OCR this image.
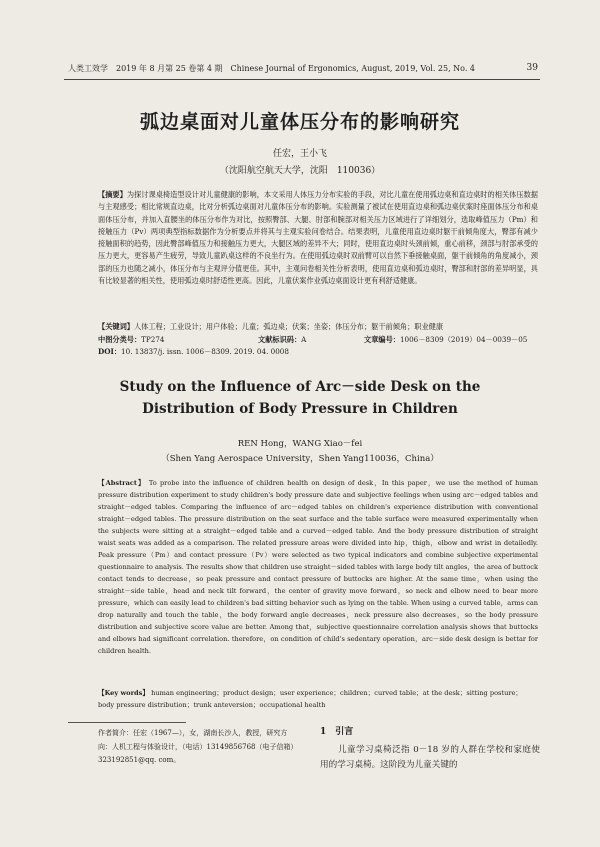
人类工效学　2019 年 8 月第 25 卷第 4 期　Chinese Journal of Ergonomics, August, 2019, Vol. 25, No. 4	39
弧边桌面对儿童体压分布的影响研究
任宏，王小飞
（沈阳航空航天大学，沈阳　110036）

【摘要】为探讨课桌椅造型设计对儿童健康的影响，本文采用人体压力分布实验的手段，对比儿童在使用弧边桌和直边桌时的相关体压数据与主观感受；相比常规直边桌，比对分析弧边桌面对儿童体压分布的影响。实验测量了被试在使用直边桌和弧边桌伏案时座面体压分布和桌面体压分布，并加入直腰坐的体压分布作为对比，按照臀部、大腿、肘部和腕部对相关压力区域进行了详细划分，选取峰值压力（Pm）和接触压力（Pv）两项典型指标数据作为分析要点并将其与主观实验问卷结合。结果表明，儿童使用直边桌时躯干前倾角度大，臀部有减少接触面积的趋势，因此臀部峰值压力和接触压力更大，大腿区域的差异不大；同时，使用直边桌时头颈前倾，重心前移，颈部与肘部承受的压力更大，更容易产生疲劳，导致儿童趴桌这样的不良坐行为。在使用弧边桌时双前臂可以自然下垂接触桌面，躯干前倾角的角度减小，颈部的压力也随之减小，体压分布与主观评分值更佳。其中，主观问卷相关性分析表明，使用直边桌和弧边桌时，臀部和肘部的差异明显，具有比较显著的相关性，使用弧边桌时舒适性更高。因此，儿童伏案作业弧边桌面设计更有利舒适健康。

【关键词】人体工程；工业设计；用户体验；儿童；弧边桌；伏案；坐姿；体压分布；躯干前倾角；职业健康

中图分类号：TP274	文献标识码：A	文章编号：1006－8309（2019）04－0039－05
DOI：10. 13837/j. issn. 1006－8309. 2019. 04. 0008
Study on the Influence of Arc－side Desk on the
Distribution of Body Pressure in Children
REN Hong，WANG Xiao－fei
（Shen Yang Aerospace University，Shen Yang110036，China）

【Abstract】 To probe into the influence of children health on design of desk，In this paper，we use the method of human pressure distribution experiment to study children's body pressure date and subjective feelings when using arc－edged tables and straight－edged tables. Comparing the influence of arc－edged tables on children's experience distribution with conventional straight－edged tables. The pressure distribution on the seat surface and the table surface were measured experimentally when the subjects were sitting at a straight－edged table and a curved－edged table. And the body pressure distribution of straight waist seats was added as a comparison. The related pressure areas were divided into hip，thigh，elbow and wrist in detailedly. Peak pressure（Pm）and contact pressure（Pv）were selected as two typical indicators and combine subjective experimental questionnaire to analysis. The results show that children use straight－sided tables with large body tilt angles，the area of buttock contact tends to decrease，so peak pressure and contact pressure of buttocks are higher. At the same time，when using the straight－side table，head and neck tilt forward，the center of gravity move forward，so neck and elbow need to bear more pressure，which can easily lead to children's bad sitting behavior such as lying on the table. When using a curved table，arms can drop naturally and touch the table，the body forward angle decreases，neck pressure also decreases，so the body pressure distribution and subjective score value are better. Among that，subjective questionnaire correlation analysis shows that buttocks and elbows had significant correlation. therefore，on condition of child's sedentary operation，arc－side desk design is bettar for children health.

【Key words】 human engineering；product design；user experience；children；curved table；at the desk；sitting posture；body pressure distribution；trunk anteversion；occupational health

作者简介：任宏（1967—），女，湖南长沙人，教授，研究方向：人机工程与体验设计，（电话）13149856768（电子信箱）323192851@qq. com。

1　引言

儿童学习桌椅泛指 0－18 岁的人群在学校和家庭使用的学习桌椅。这阶段为儿童关键的
